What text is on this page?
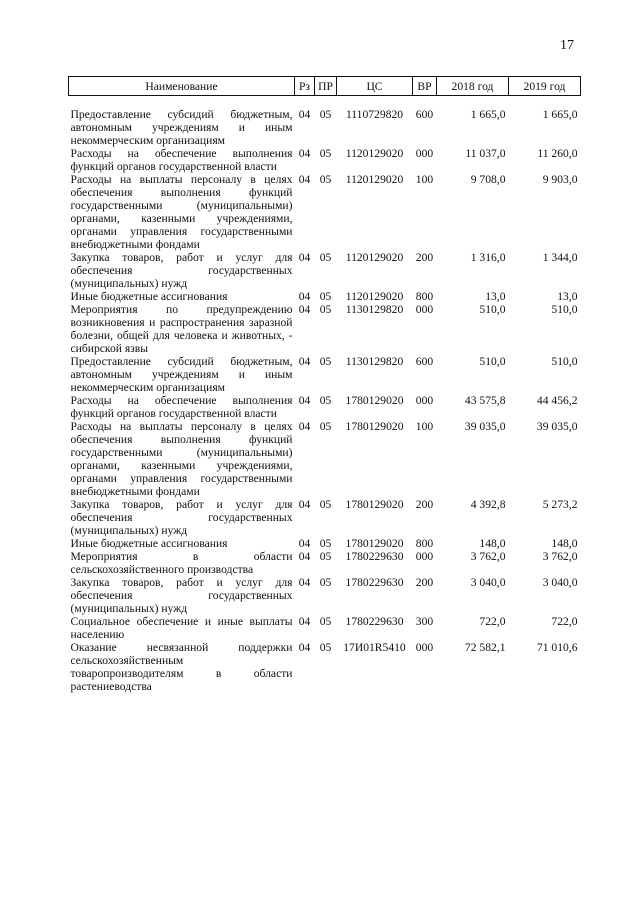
17
Наименование	Рз	ПР	ЦС	ВР	2018 год	2019 год
Предоставление субсидий бюджетным, автономным учреждениям и иным некоммерческим организациям	04	05	1110729820	600	1 665,0	1 665,0
Расходы на обеспечение выполнения функций органов государственной власти	04	05	1120129020	000	11 037,0	11 260,0
Расходы на выплаты персоналу в целях обеспечения выполнения функций государственными (муниципальными) органами, казенными учреждениями, органами управления государственными внебюджетными фондами	04	05	1120129020	100	9 708,0	9 903,0
Закупка товаров, работ и услуг для обеспечения государственных (муниципальных) нужд	04	05	1120129020	200	1 316,0	1 344,0
Иные бюджетные ассигнования	04	05	1120129020	800	13,0	13,0
Мероприятия по предупреждению возникновения и распространения заразной болезни, общей для человека и животных, - сибирской язвы	04	05	1130129820	000	510,0	510,0
Предоставление субсидий бюджетным, автономным учреждениям и иным некоммерческим организациям	04	05	1130129820	600	510,0	510,0
Расходы на обеспечение выполнения функций органов государственной власти	04	05	1780129020	000	43 575,8	44 456,2
Расходы на выплаты персоналу в целях обеспечения выполнения функций государственными (муниципальными) органами, казенными учреждениями, органами управления государственными внебюджетными фондами	04	05	1780129020	100	39 035,0	39 035,0
Закупка товаров, работ и услуг для обеспечения государственных (муниципальных) нужд	04	05	1780129020	200	4 392,8	5 273,2
Иные бюджетные ассигнования	04	05	1780129020	800	148,0	148,0
Мероприятия в области сельскохозяйственного производства	04	05	1780229630	000	3 762,0	3 762,0
Закупка товаров, работ и услуг для обеспечения государственных (муниципальных) нужд	04	05	1780229630	200	3 040,0	3 040,0
Социальное обеспечение и иные выплаты населению	04	05	1780229630	300	722,0	722,0
Оказание несвязанной поддержки сельскохозяйственным товаропроизводителям в области растениеводства	04	05	17И01R5410	000	72 582,1	71 010,6
